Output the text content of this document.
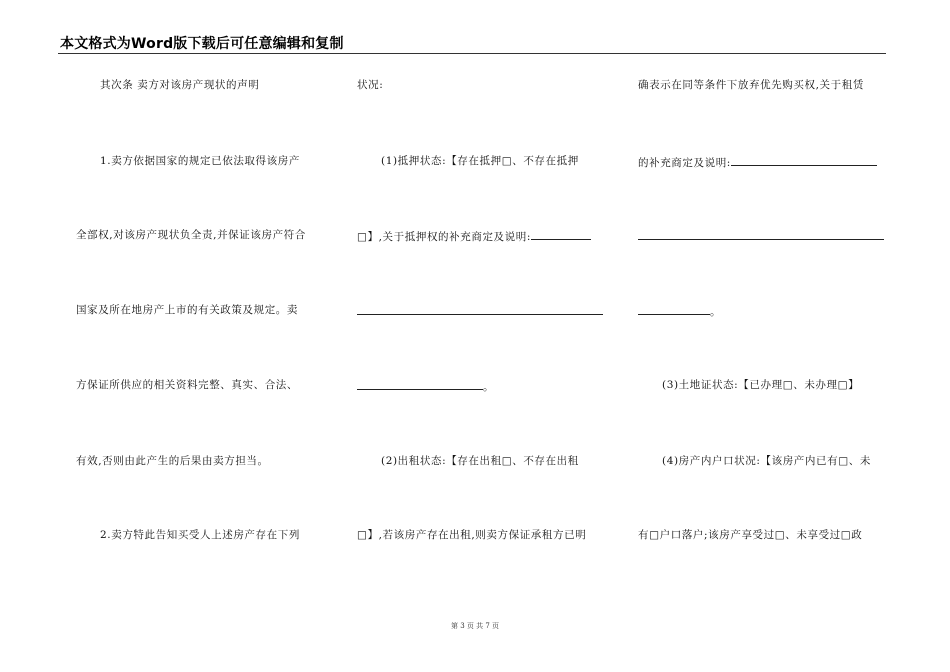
本文格式为Word版下载后可任意编辑和复制
其次条 卖方对该房产现状的声明
1.卖方依据国家的规定已依法取得该房产
全部权,对该房产现状负全责,并保证该房产符合
国家及所在地房产上市的有关政策及规定。卖
方保证所供应的相关资料完整、真实、合法、
有效,否则由此产生的后果由卖方担当。
2.卖方特此告知买受人上述房产存在下列
状况:
(1)抵押状态:【存在抵押□、不存在抵押
□】,关于抵押权的补充商定及说明:
。
(2)出租状态:【存在出租□、不存在出租
□】,若该房产存在出租,则卖方保证承租方已明
确表示在同等条件下放弃优先购买权,关于租赁
的补充商定及说明:
。
(3)土地证状态:【已办理□、未办理□】
(4)房产内户口状况:【该房产内已有□、未
有□户口落户;该房产享受过□、未享受过□政
第 3 页 共 7 页
